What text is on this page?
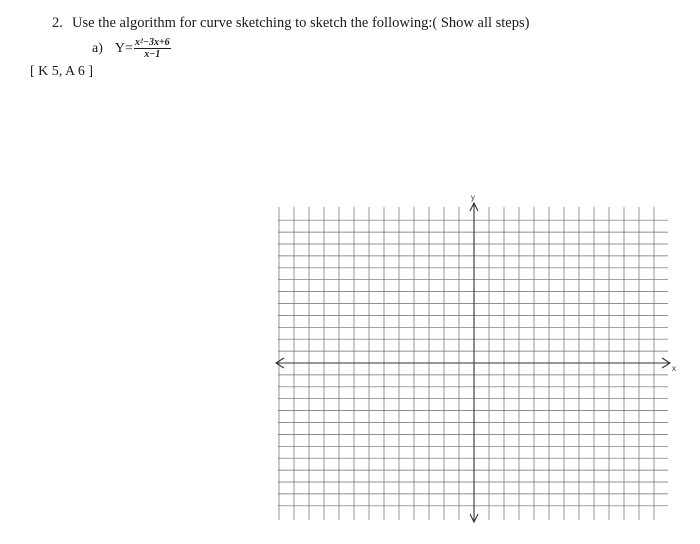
2. Use the algorithm for curve sketching to sketch the following:( Show all steps)
a) $Y= \frac{\text{x²−3x+6}}{x-1}$
[ K 5, A 6 ]
y
x
